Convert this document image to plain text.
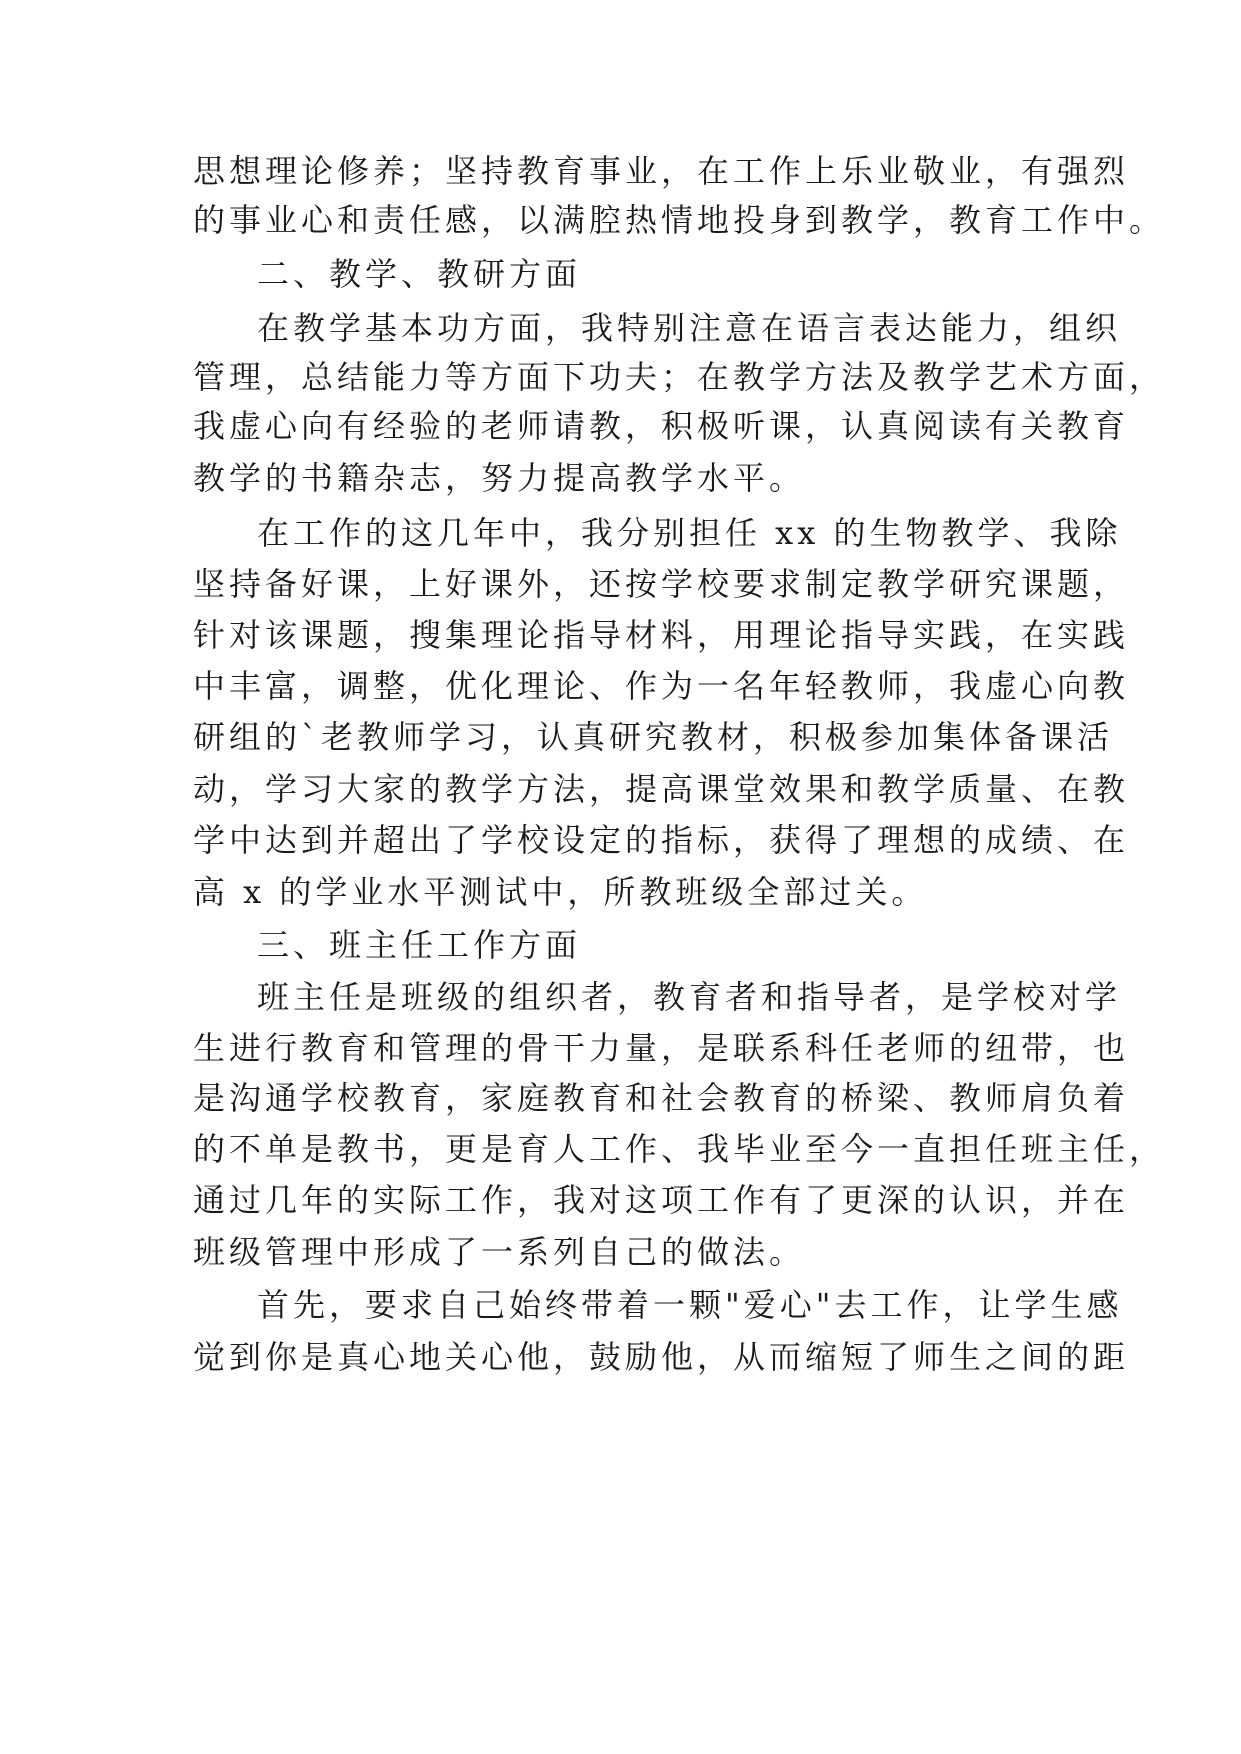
思想理论修养；坚持教育事业，在工作上乐业敬业，有强烈

的事业心和责任感，以满腔热情地投身到教学，教育工作中。

二、教学、教研方面

在教学基本功方面，我特别注意在语言表达能力，组织

管理，总结能力等方面下功夫；在教学方法及教学艺术方面，

我虚心向有经验的老师请教，积极听课，认真阅读有关教育

教学的书籍杂志，努力提高教学水平。

在工作的这几年中，我分别担任 xx 的生物教学、我除

坚持备好课，上好课外，还按学校要求制定教学研究课题，

针对该课题，搜集理论指导材料，用理论指导实践，在实践

中丰富，调整，优化理论、作为一名年轻教师，我虚心向教

研组的`老教师学习，认真研究教材，积极参加集体备课活

动，学习大家的教学方法，提高课堂效果和教学质量、在教

学中达到并超出了学校设定的指标，获得了理想的成绩、在

高 x 的学业水平测试中，所教班级全部过关。

三、班主任工作方面

班主任是班级的组织者，教育者和指导者，是学校对学

生进行教育和管理的骨干力量，是联系科任老师的纽带，也

是沟通学校教育，家庭教育和社会教育的桥梁、教师肩负着

的不单是教书，更是育人工作、我毕业至今一直担任班主任，

通过几年的实际工作，我对这项工作有了更深的认识，并在

班级管理中形成了一系列自己的做法。

首先，要求自己始终带着一颗"爱心"去工作，让学生感

觉到你是真心地关心他，鼓励他，从而缩短了师生之间的距
